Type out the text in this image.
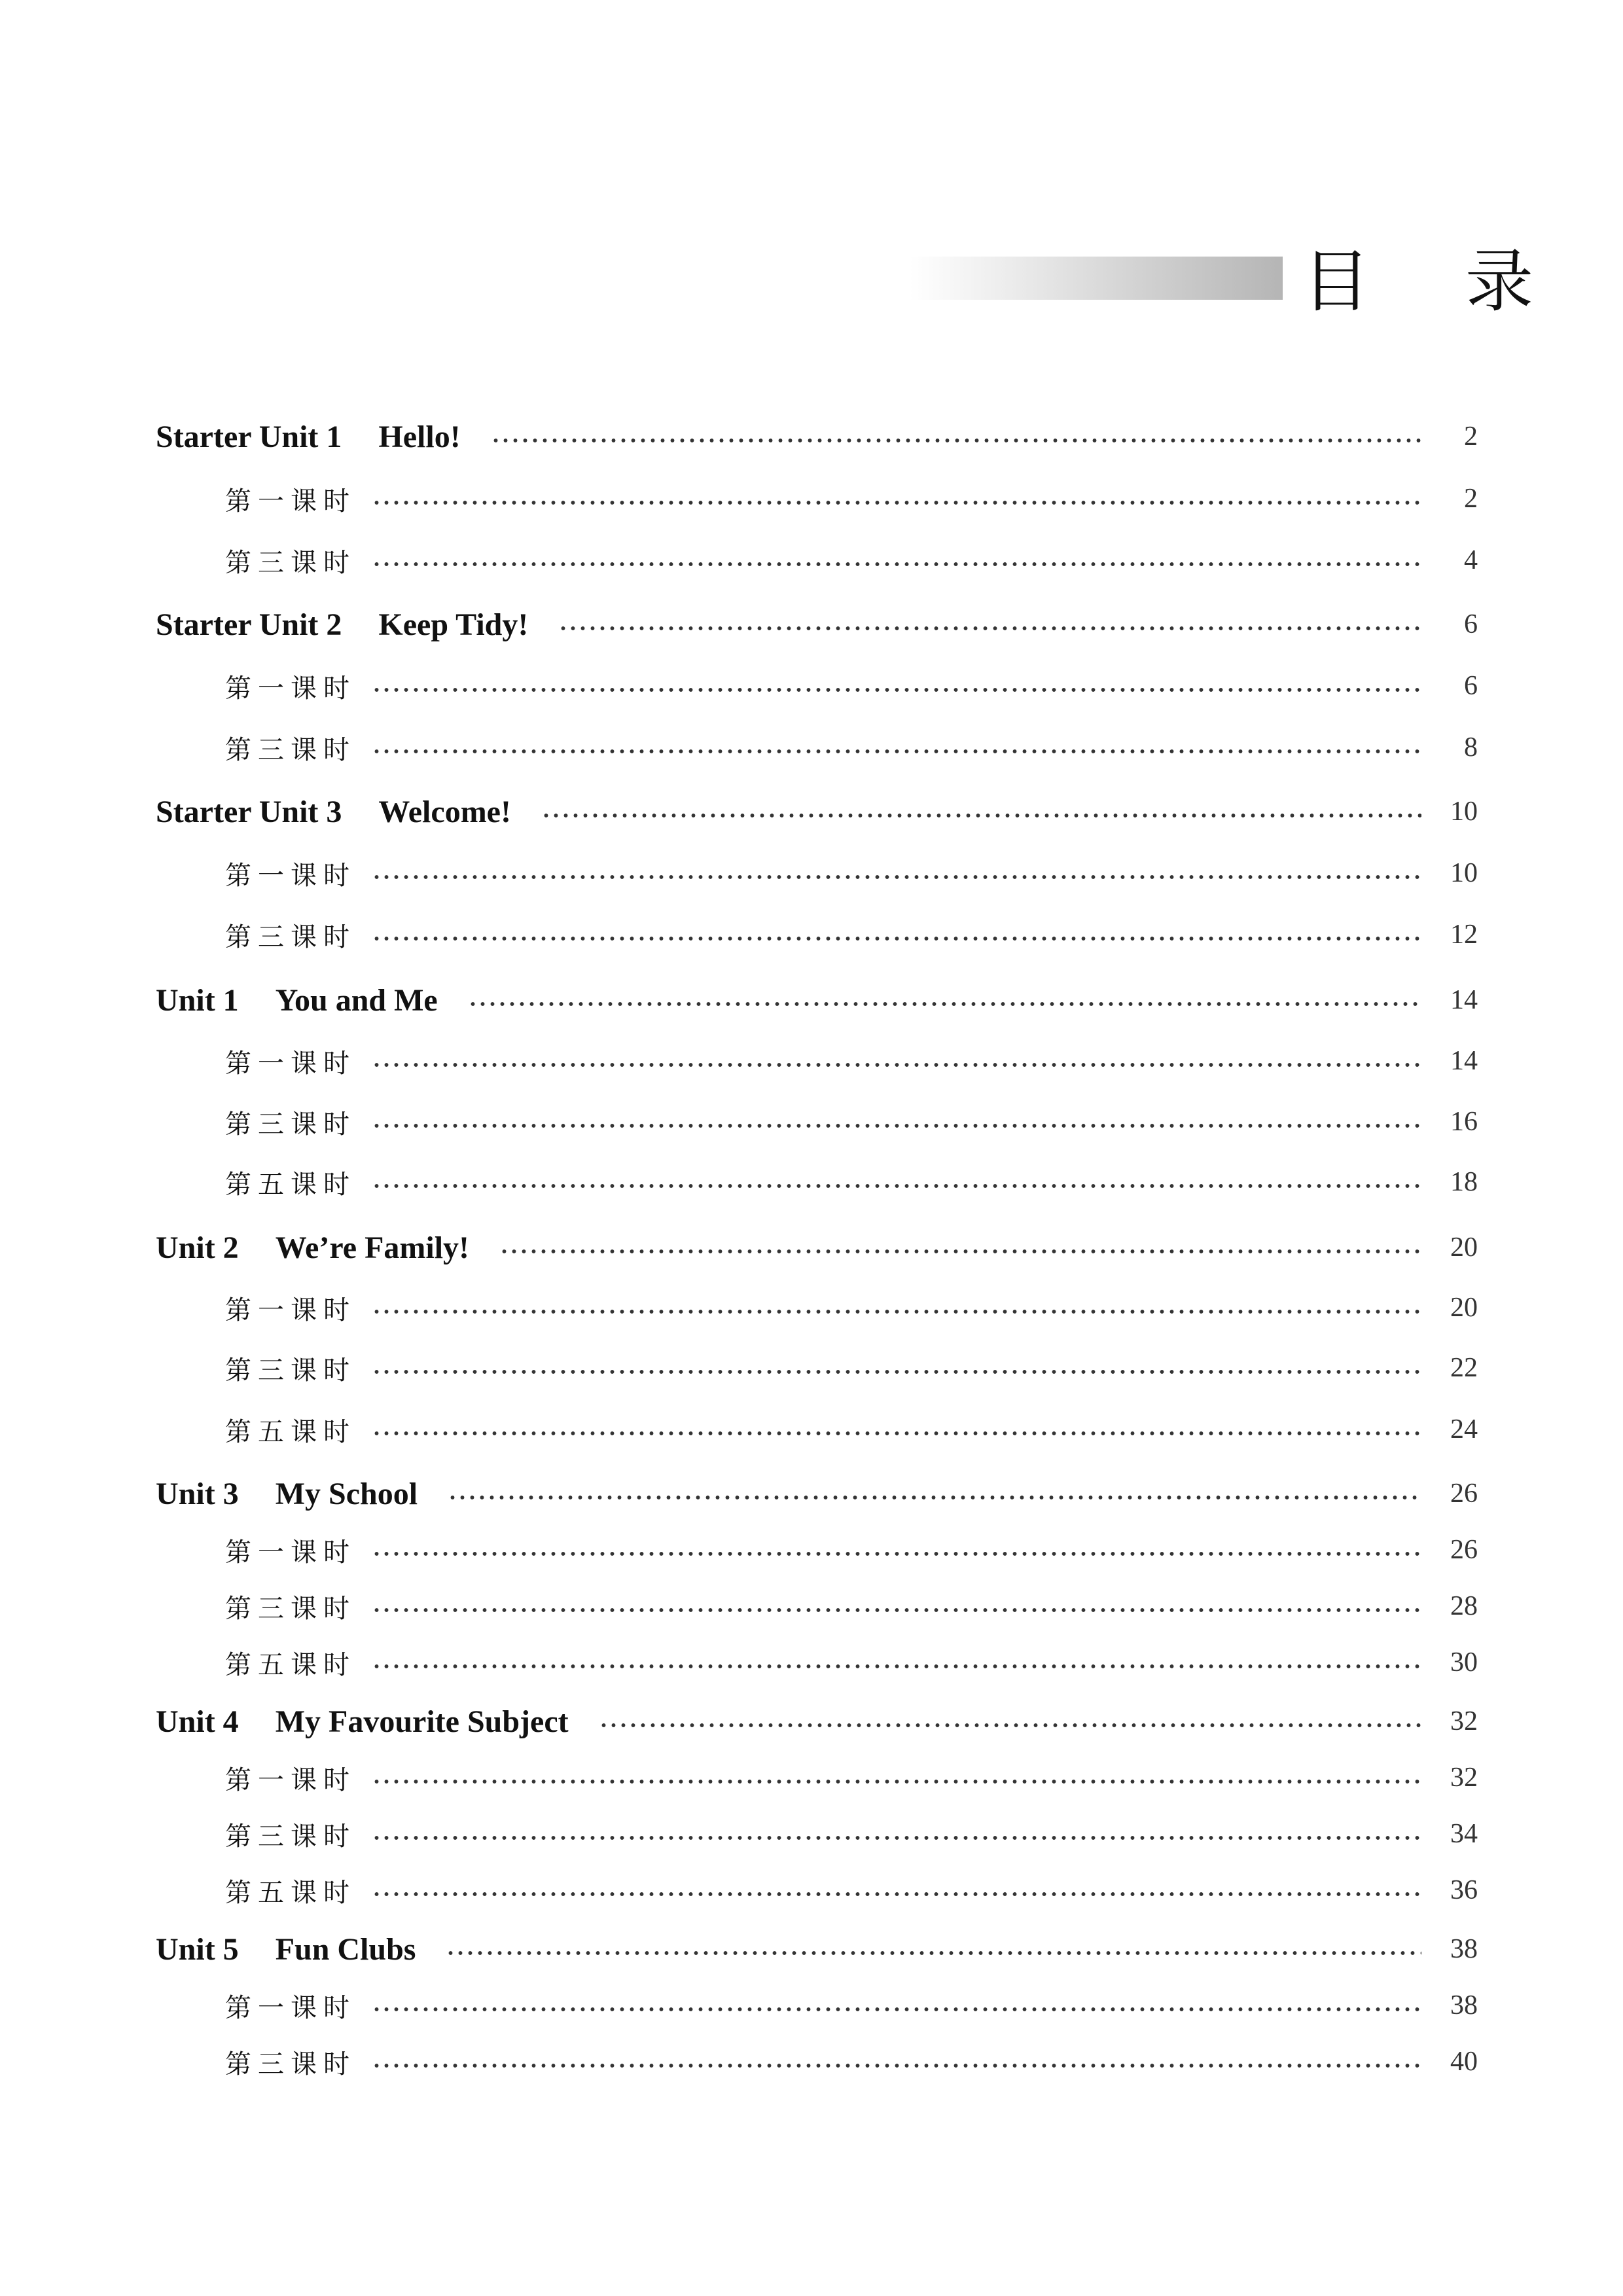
目 录
Starter Unit 1 Hello!	2
第一课时	2
第三课时	4
Starter Unit 2 Keep Tidy!	6
第一课时	6
第三课时	8
Starter Unit 3 Welcome!	10
第一课时	10
第三课时	12
Unit 1 You and Me	14
第一课时	14
第三课时	16
第五课时	18
Unit 2 We’re Family!	20
第一课时	20
第三课时	22
第五课时	24
Unit 3 My School	26
第一课时	26
第三课时	28
第五课时	30
Unit 4 My Favourite Subject	32
第一课时	32
第三课时	34
第五课时	36
Unit 5 Fun Clubs	38
第一课时	38
第三课时	40
